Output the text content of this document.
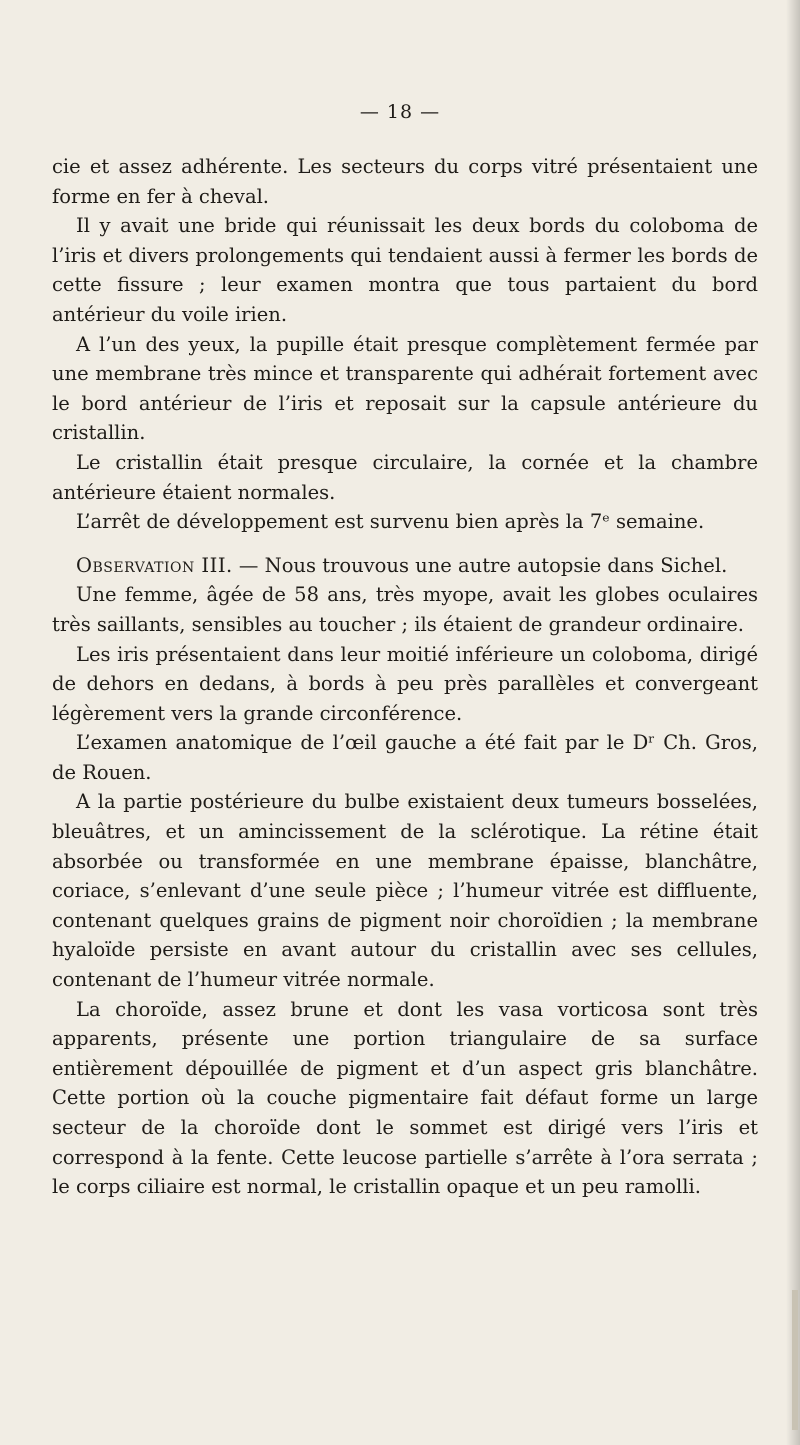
— 18 —

cie et assez adhérente. Les secteurs du corps vitré présentaient une forme en fer à cheval.

Il y avait une bride qui réunissait les deux bords du coloboma de l’iris et divers prolongements qui tendaient aussi à fermer les bords de cette fissure ; leur examen montra que tous partaient du bord antérieur du voile irien.

A l’un des yeux, la pupille était presque complètement fermée par une membrane très mince et transparente qui adhérait fortement avec le bord antérieur de l’iris et reposait sur la capsule antérieure du cristallin.

Le cristallin était presque circulaire, la cornée et la chambre antérieure étaient normales.

L’arrêt de développement est survenu bien après la 7ᵉ semaine.

Observation III. — Nous trouvous une autre autopsie dans Sichel.

Une femme, âgée de 58 ans, très myope, avait les globes oculaires très saillants, sensibles au toucher ; ils étaient de grandeur ordinaire.

Les iris présentaient dans leur moitié inférieure un coloboma, dirigé de dehors en dedans, à bords à peu près parallèles et convergeant légèrement vers la grande circonférence.

L’examen anatomique de l’œil gauche a été fait par le Dʳ Ch. Gros, de Rouen.

A la partie postérieure du bulbe existaient deux tumeurs bosselées, bleuâtres, et un amincissement de la sclérotique. La rétine était absorbée ou transformée en une membrane épaisse, blanchâtre, coriace, s’enlevant d’une seule pièce ; l’humeur vitrée est diffluente, contenant quelques grains de pigment noir choroïdien ; la membrane hyaloïde persiste en avant autour du cristallin avec ses cellules, contenant de l’humeur vitrée normale.

La choroïde, assez brune et dont les vasa vorticosa sont très apparents, présente une portion triangulaire de sa surface entièrement dépouillée de pigment et d’un aspect gris blanchâtre. Cette portion où la couche pigmentaire fait défaut forme un large secteur de la choroïde dont le sommet est dirigé vers l’iris et correspond à la fente. Cette leucose partielle s’arrête à l’ora serrata ; le corps ciliaire est normal, le cristallin opaque et un peu ramolli.
